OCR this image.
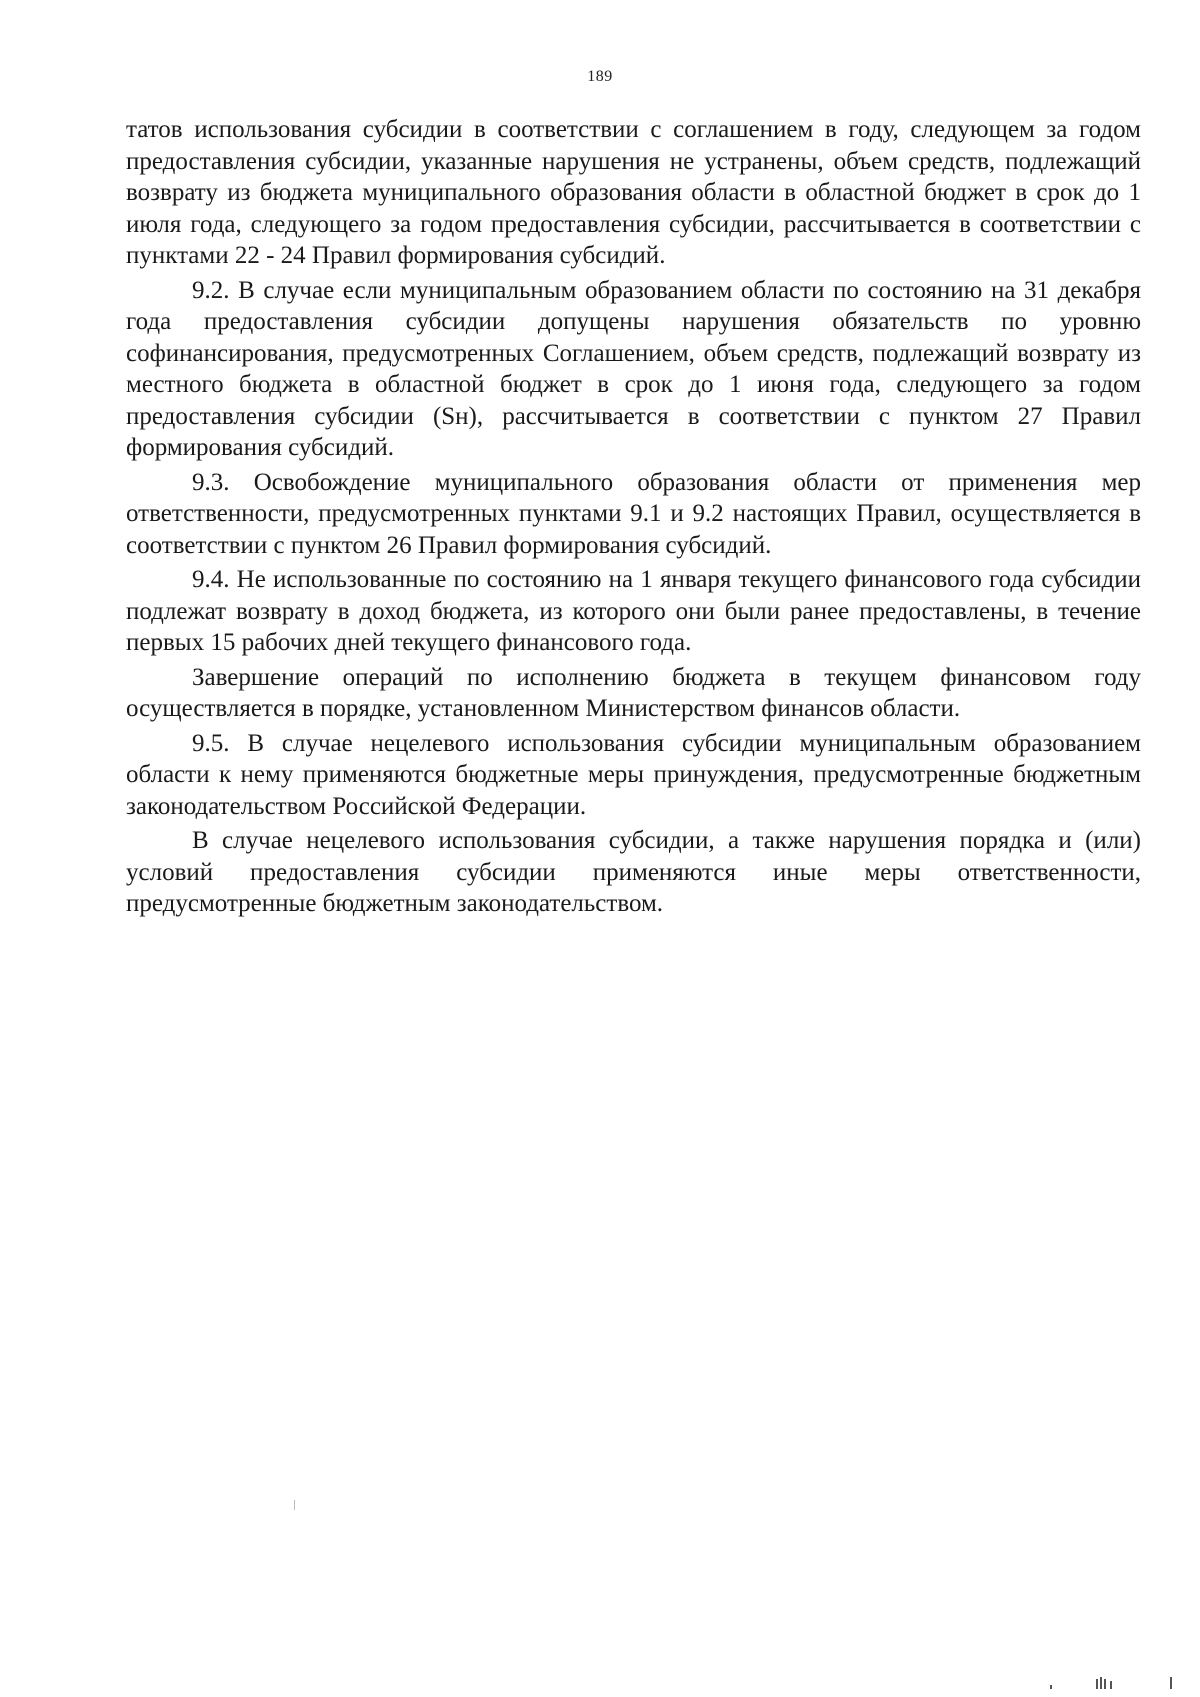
189

татов использования субсидии в соответствии с соглашением в году, следующем за годом предоставления субсидии, указанные нарушения не устранены, объем средств, подлежащий возврату из бюджета муниципального образования области в областной бюджет в срок до 1 июля года, следующего за годом предоставления субсидии, рассчитывается в соответствии с пунктами 22 - 24 Правил формирования субсидий.

9.2. В случае если муниципальным образованием области по состоянию на 31 декабря года предоставления субсидии допущены нарушения обязательств по уровню софинансирования, предусмотренных Соглашением, объем средств, подлежащий возврату из местного бюджета в областной бюджет в срок до 1 июня года, следующего за годом предоставления субсидии (Sн), рассчитывается в соответствии с пунктом 27 Правил формирования субсидий.

9.3. Освобождение муниципального образования области от применения мер ответственности, предусмотренных пунктами 9.1 и 9.2 настоящих Правил, осуществляется в соответствии с пунктом 26 Правил формирования субсидий.

9.4. Не использованные по состоянию на 1 января текущего финансового года субсидии подлежат возврату в доход бюджета, из которого они были ранее предоставлены, в течение первых 15 рабочих дней текущего финансового года.

Завершение операций по исполнению бюджета в текущем финансовом году осуществляется в порядке, установленном Министерством финансов области.

9.5. В случае нецелевого использования субсидии муниципальным образованием области к нему применяются бюджетные меры принуждения, предусмотренные бюджетным законодательством Российской Федерации.

В случае нецелевого использования субсидии, а также нарушения порядка и (или) условий предоставления субсидии применяются иные меры ответственности, предусмотренные бюджетным законодательством.
